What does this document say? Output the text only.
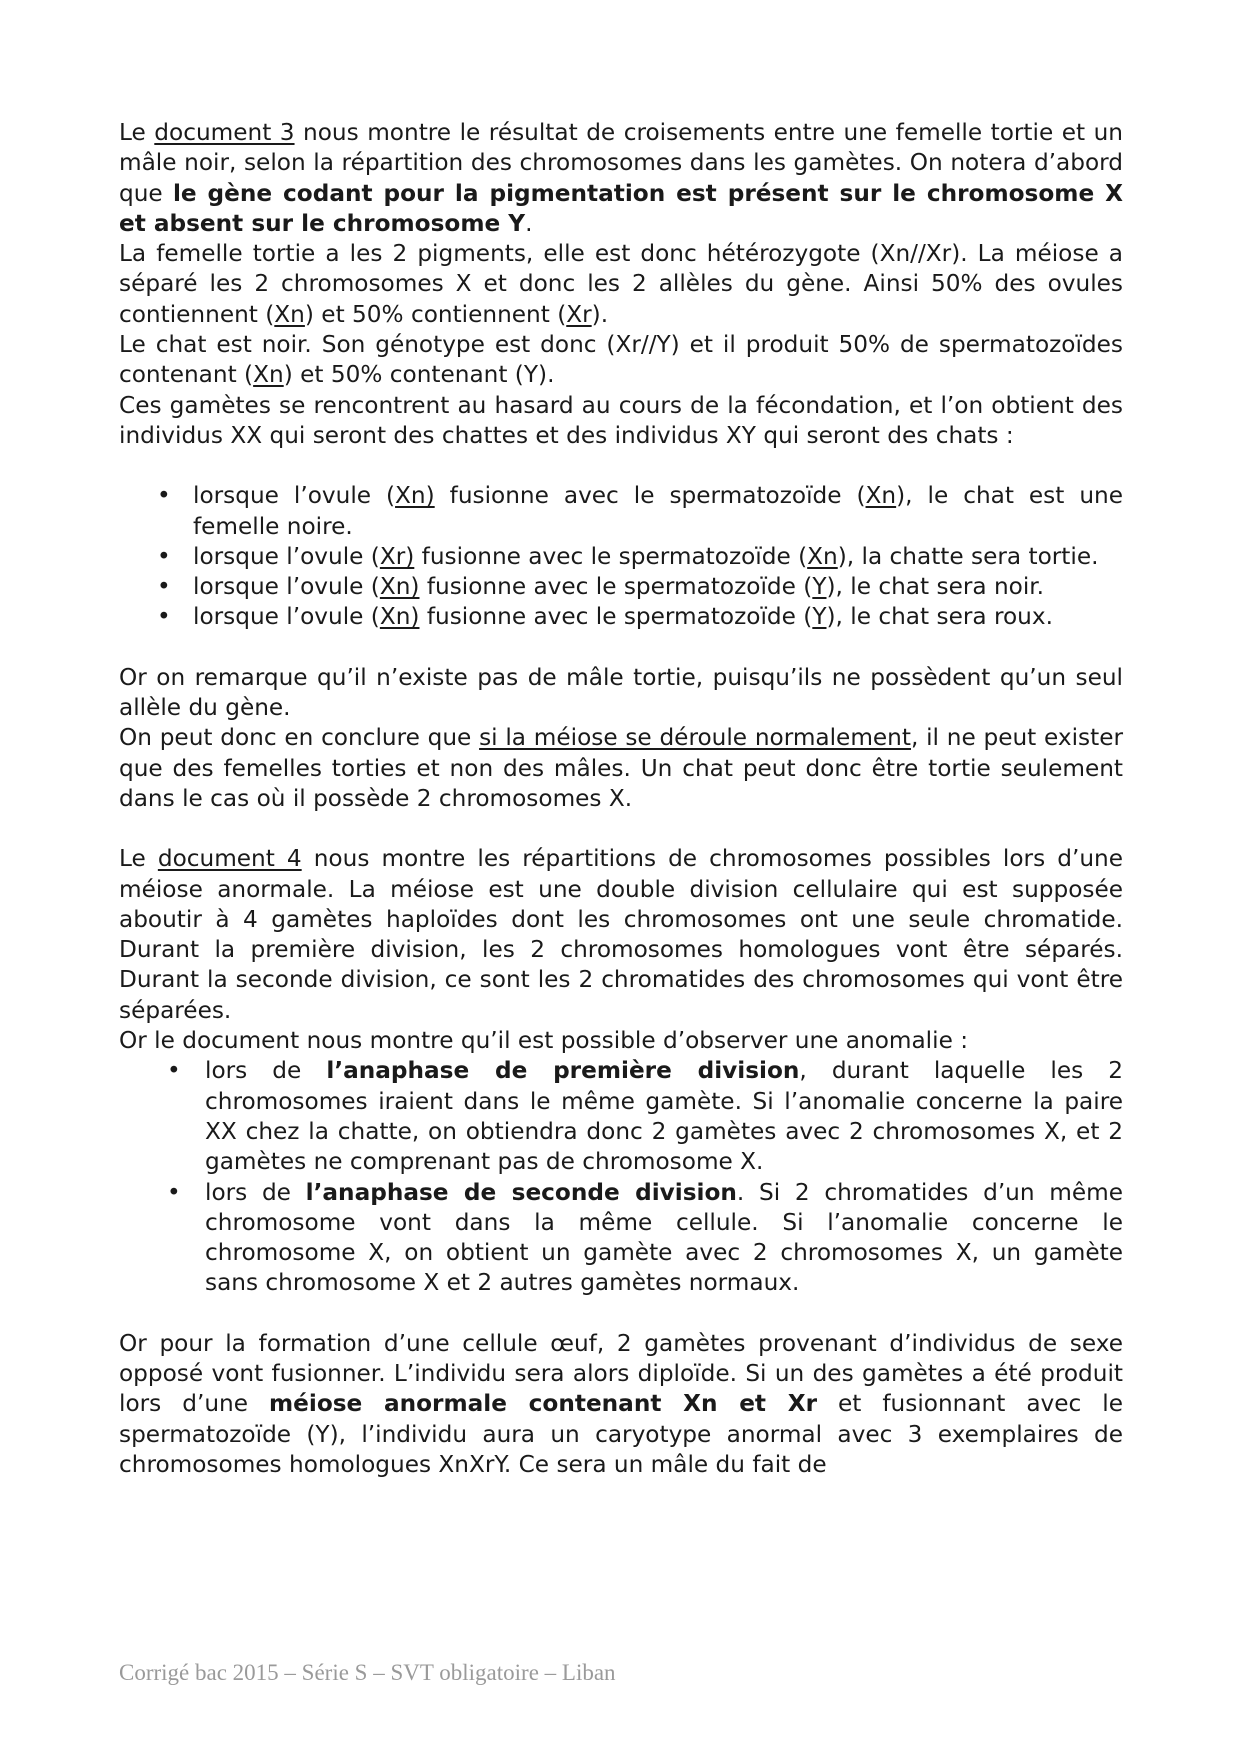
Le document 3 nous montre le résultat de croisements entre une femelle tortie et un mâle noir, selon la répartition des chromosomes dans les gamètes. On notera d’abord que le gène codant pour la pigmentation est présent sur le chromosome X et absent sur le chromosome Y.

La femelle tortie a les 2 pigments, elle est donc hétérozygote (Xn//Xr). La méiose a séparé les 2 chromosomes X et donc les 2 allèles du gène. Ainsi 50% des ovules contiennent (Xn) et 50% contiennent (Xr).

Le chat est noir. Son génotype est donc (Xr//Y) et il produit 50% de spermatozoïdes contenant (Xn) et 50% contenant (Y).

Ces gamètes se rencontrent au hasard au cours de la fécondation, et l’on obtient des individus XX qui seront des chattes et des individus XY qui seront des chats :

• lorsque l’ovule (Xn) fusionne avec le spermatozoïde (Xn), le chat est une femelle noire.
• lorsque l’ovule (Xr) fusionne avec le spermatozoïde (Xn), la chatte sera tortie.
• lorsque l’ovule (Xn) fusionne avec le spermatozoïde (Y), le chat sera noir.
• lorsque l’ovule (Xn) fusionne avec le spermatozoïde (Y), le chat sera roux.

Or on remarque qu’il n’existe pas de mâle tortie, puisqu’ils ne possèdent qu’un seul allèle du gène.

On peut donc en conclure que si la méiose se déroule normalement, il ne peut exister que des femelles torties et non des mâles. Un chat peut donc être tortie seulement dans le cas où il possède 2 chromosomes X.

Le document 4 nous montre les répartitions de chromosomes possibles lors d’une méiose anormale. La méiose est une double division cellulaire qui est supposée aboutir à 4 gamètes haploïdes dont les chromosomes ont une seule chromatide. Durant la première division, les 2 chromosomes homologues vont être séparés. Durant la seconde division, ce sont les 2 chromatides des chromosomes qui vont être séparées.

Or le document nous montre qu’il est possible d’observer une anomalie :

• lors de l’anaphase de première division, durant laquelle les 2 chromosomes iraient dans le même gamète. Si l’anomalie concerne la paire XX chez la chatte, on obtiendra donc 2 gamètes avec 2 chromosomes X, et 2 gamètes ne comprenant pas de chromosome X.
• lors de l’anaphase de seconde division. Si 2 chromatides d’un même chromosome vont dans la même cellule. Si l’anomalie concerne le chromosome X, on obtient un gamète avec 2 chromosomes X, un gamète sans chromosome X et 2 autres gamètes normaux.

Or pour la formation d’une cellule œuf, 2 gamètes provenant d’individus de sexe opposé vont fusionner. L’individu sera alors diploïde. Si un des gamètes a été produit lors d’une méiose anormale contenant Xn et Xr et fusionnant avec le spermatozoïde (Y), l’individu aura un caryotype anormal avec 3 exemplaires de chromosomes homologues XnXrY. Ce sera un mâle du fait de

Corrigé bac 2015 – Série S – SVT obligatoire – Liban
